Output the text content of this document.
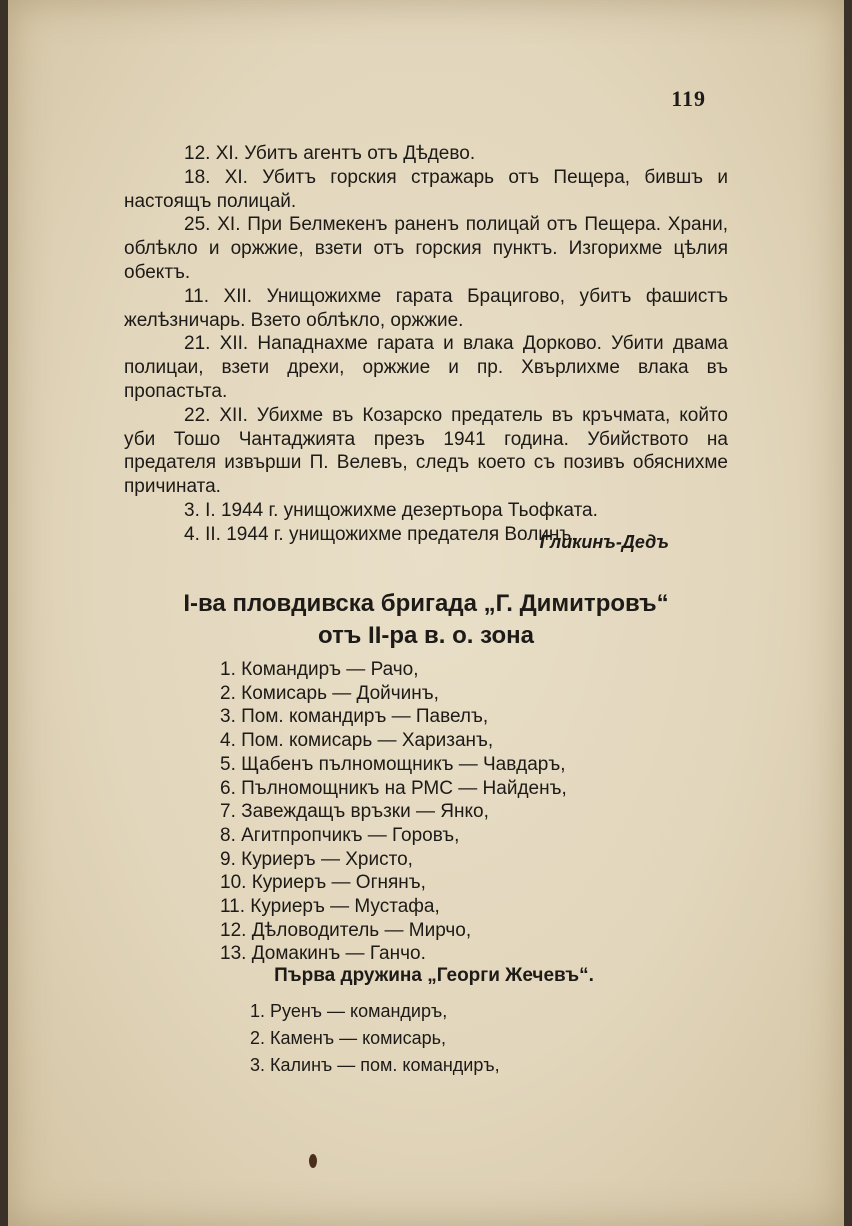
119

12. XI. Убитъ агентъ отъ Дѣдево.

18. XI. Убитъ горския стражарь отъ Пещера, бившъ и настоящъ полицай.

25. XI. При Белмекенъ раненъ полицай отъ Пещера. Храни, облѣкло и оржжие, взети отъ горския пунктъ. Изгорихме цѣлия обектъ.

11. XII. Унищожихме гарата Брацигово, убитъ фашистъ желѣзничарь. Взето облѣкло, оржжие.

21. XII. Нападнахме гарата и влака Дорково. Убити двама полицаи, взети дрехи, оржжие и пр. Хвърлихме влака въ пропастьта.

22. XII. Убихме въ Козарско предатель въ кръчмата, който уби Тошо Чантаджията презъ 1941 година. Убийството на предателя извърши П. Велевъ, следъ което съ позивъ обяснихме причината.

3. I. 1944 г. унищожихме дезертьора Тьофката.

4. II. 1944 г. унищожихме предателя Волинъ.

Гликинъ-Дедъ
І-ва пловдивска бригада „Г. Димитровъ“
отъ II-ра в. о. зона
1. Командиръ — Рачо,
2. Комисарь — Дойчинъ,
3. Пом. командиръ — Павелъ,
4. Пом. комисарь — Харизанъ,
5. Щабенъ пълномощникъ — Чавдаръ,
6. Пълномощникъ на РМС — Найденъ,
7. Завеждащъ връзки — Янко,
8. Агитпропчикъ — Горовъ,
9. Куриеръ — Христо,
10. Куриеръ — Огнянъ,
11. Куриеръ — Мустафа,
12. Дѣловодитель — Мирчо,
13. Домакинъ — Ганчо.
Първа дружина „Георги Жечевъ“.
1. Руенъ — командиръ,
2. Каменъ — комисарь,
3. Калинъ — пом. командиръ,
